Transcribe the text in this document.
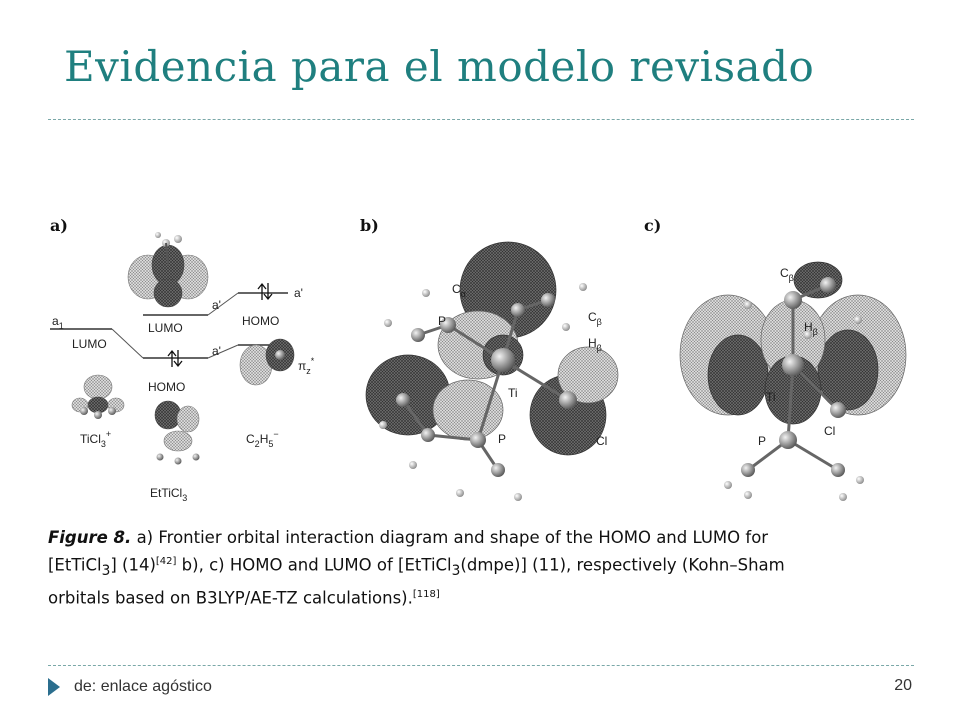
Evidencia para el modelo revisado
a)	b)	c)
$a_1$
LUMO
LUMO
HOMO
HOMO
a'
a'
a'
TiCl$_3$+
EtTiCl$_3$
$\pi_z^*$
$C_2H_5^-$
$C_\alpha$
$C_\beta$
$H_\beta$
P
Ti
P	Cl
$C_\beta$
$H_\beta$
Ti
Cl
P
Figure 8. a) Frontier orbital interaction diagram and shape of the HOMO and LUMO for
[EtTiCl$_3$] (14)[42] b), c) HOMO and LUMO of [EtTiCl$_3$(dmpe)] (11), respectively (Kohn–Sham
orbitals based on B3LYP/AE-TZ calculations).[118]
de: enlace agóstico	20
